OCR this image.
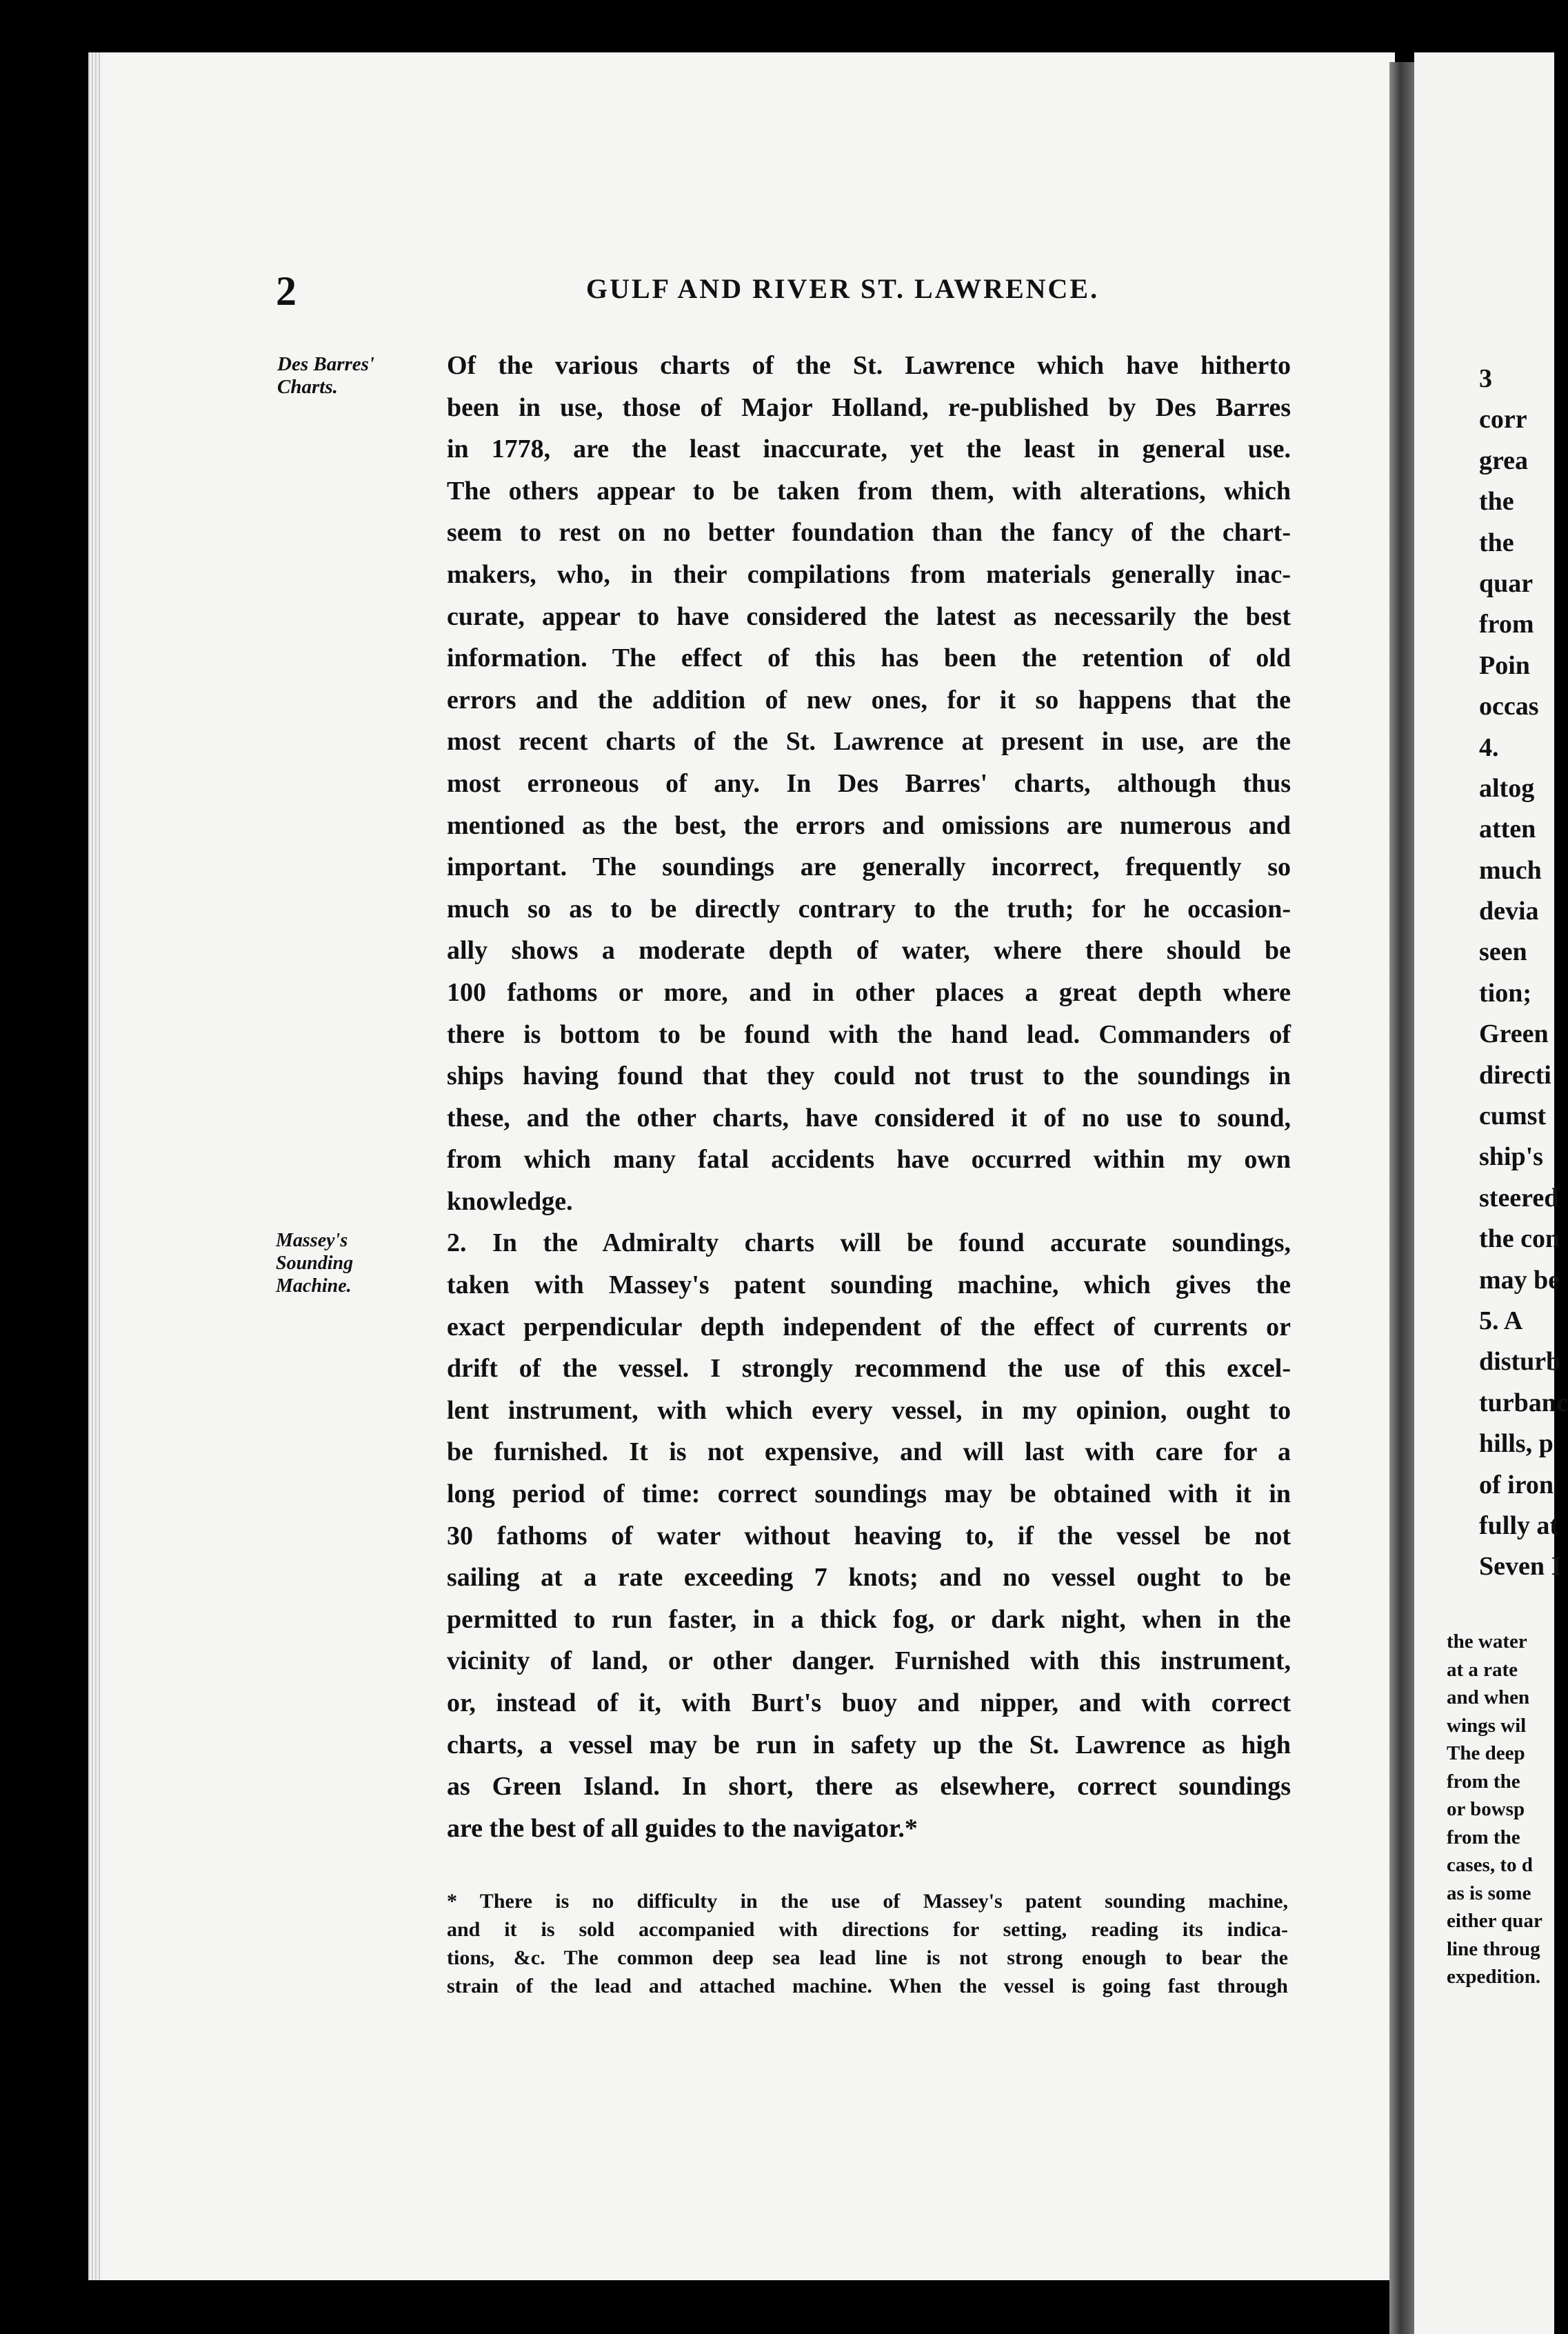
2	GULF AND RIVER ST. LAWRENCE.
Des Barres'
Charts.
Massey's
Sounding
Machine.
Of the various charts of the St. Lawrence which have hitherto
been in use, those of Major Holland, re-published by Des Barres
in 1778, are the least inaccurate, yet the least in general use.
The others appear to be taken from them, with alterations, which
seem to rest on no better foundation than the fancy of the chart-
makers, who, in their compilations from materials generally inac-
curate, appear to have considered the latest as necessarily the best
information. The effect of this has been the retention of old
errors and the addition of new ones, for it so happens that the
most recent charts of the St. Lawrence at present in use, are the
most erroneous of any. In Des Barres' charts, although thus
mentioned as the best, the errors and omissions are numerous and
important. The soundings are generally incorrect, frequently so
much so as to be directly contrary to the truth; for he occasion-
ally shows a moderate depth of water, where there should be
100 fathoms or more, and in other places a great depth where
there is bottom to be found with the hand lead. Commanders of
ships having found that they could not trust to the soundings in
these, and the other charts, have considered it of no use to sound,
from which many fatal accidents have occurred within my own
knowledge.
2. In the Admiralty charts will be found accurate soundings,
taken with Massey's patent sounding machine, which gives the
exact perpendicular depth independent of the effect of currents or
drift of the vessel. I strongly recommend the use of this excel-
lent instrument, with which every vessel, in my opinion, ought to
be furnished. It is not expensive, and will last with care for a
long period of time: correct soundings may be obtained with it in
30 fathoms of water without heaving to, if the vessel be not
sailing at a rate exceeding 7 knots; and no vessel ought to be
permitted to run faster, in a thick fog, or dark night, when in the
vicinity of land, or other danger. Furnished with this instrument,
or, instead of it, with Burt's buoy and nipper, and with correct
charts, a vessel may be run in safety up the St. Lawrence as high
as Green Island. In short, there as elsewhere, correct soundings
are the best of all guides to the navigator.*
* There is no difficulty in the use of Massey's patent sounding machine,
and it is sold accompanied with directions for setting, reading its indica-
tions, &c. The common deep sea lead line is not strong enough to bear the
strain of the lead and attached machine. When the vessel is going fast through
3
corr
grea
the
the
quar
from
Poin
occas
4.
altog
atten
much
devia
seen
tion;
Green
directi
cumst
ship's
steered
the con
may be
5. A
disturb
turbanc
hills, p
of iron
fully at
Seven I
the water
at a rate
and when
wings wil
The deep
from the
or bowsp
from the
cases, to d
as is some
either quar
line throug
expedition.
